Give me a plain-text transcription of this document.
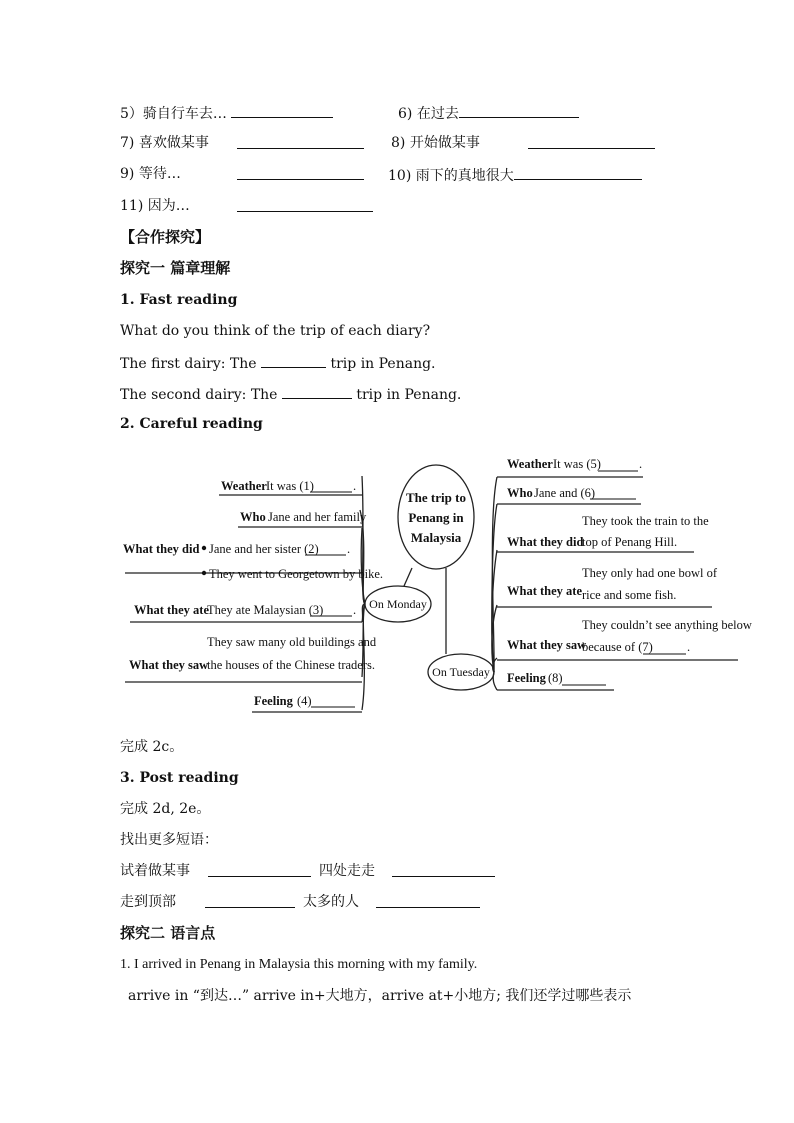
5）骑自行车去…	6) 在过去
7) 喜欢做某事	8) 开始做某事
9) 等待…	10) 雨下的真地很大
11) 因为…
【合作探究】
探究一 篇章理解
1. Fast reading
What do you think of the trip of each diary?
The first dairy: The	trip in Penang.
The second dairy: The	trip in Penang.
2. Careful reading
The trip to
Penang in
Malaysia
On Monday
On Tuesday
Weather It was (1)	.
Who Jane and her family
What they did Jane and her sister (2) .
They went to Georgetown by bike.
What they ate
They ate Malaysian (3) .
They saw many old buildings and
What they saw
the houses of the Chinese traders.
Feeling (4)
Weather It was (5)	.
Who Jane and (6)
They took the train to the
What they did
top of Penang Hill.
They only had one bowl of
What they ate rice and some fish.
They couldn’t see anything below
What they saw
because of (7)	.
Feeling (8)
完成 2c。
3. Post reading
完成 2d, 2e。
找出更多短语：
试着做某事	四处走走
走到顶部	太多的人
探究二 语言点
1. I arrived in Penang in Malaysia this morning with my family.
arrive in “到达…” arrive in+大地方，arrive at+小地方; 我们还学过哪些表示
